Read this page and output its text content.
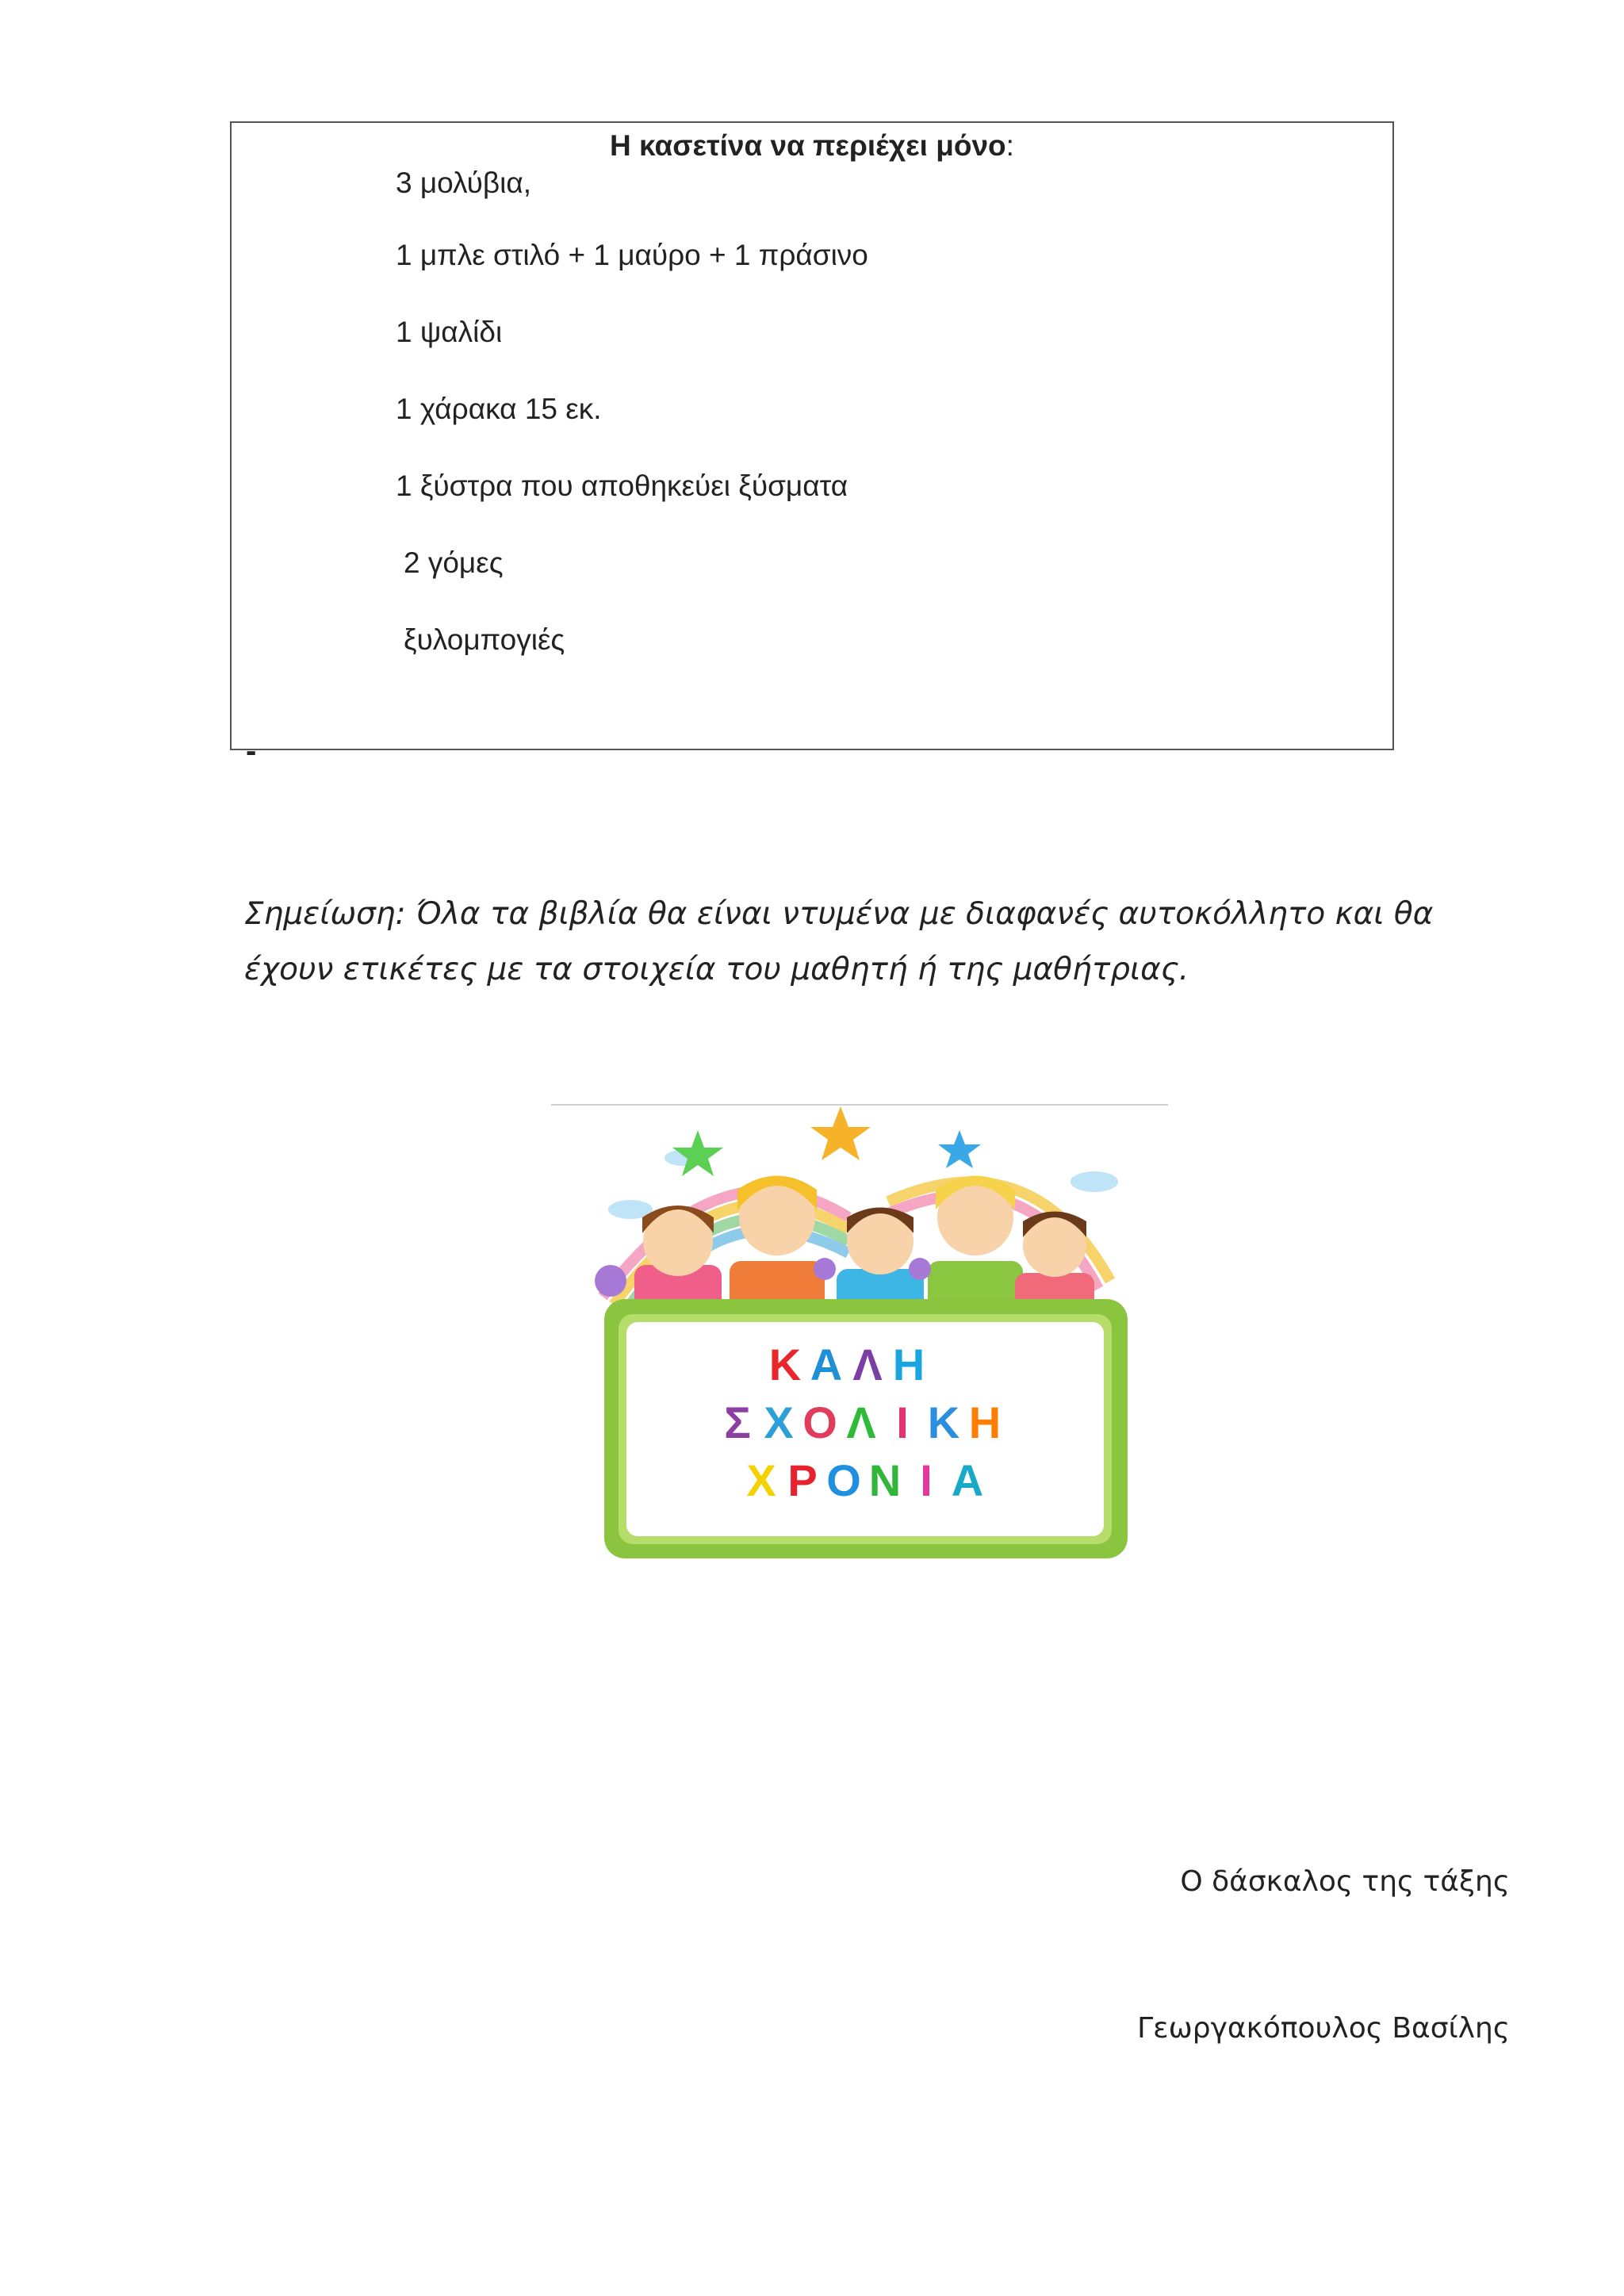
Η κασετίνα να περιέχει μόνο:
3 μολύβια,
1 μπλε στιλό + 1 μαύρο + 1 πράσινο
1 ψαλίδι
1 χάρακα 15 εκ.
1 ξύστρα που αποθηκεύει ξύσματα
2 γόμες
ξυλομπογιές
-
Σημείωση: Όλα τα βιβλία θα είναι ντυμένα με διαφανές αυτοκόλλητο και θα
έχουν ετικέτες με τα στοιχεία του μαθητή ή της μαθήτριας.
Κ Α Λ Η
Σ Χ Ο Λ Ι Κ Η
Χ Ρ Ο Ν Ι Α
Ο δάσκαλος της τάξης
Γεωργακόπουλος Βασίλης
